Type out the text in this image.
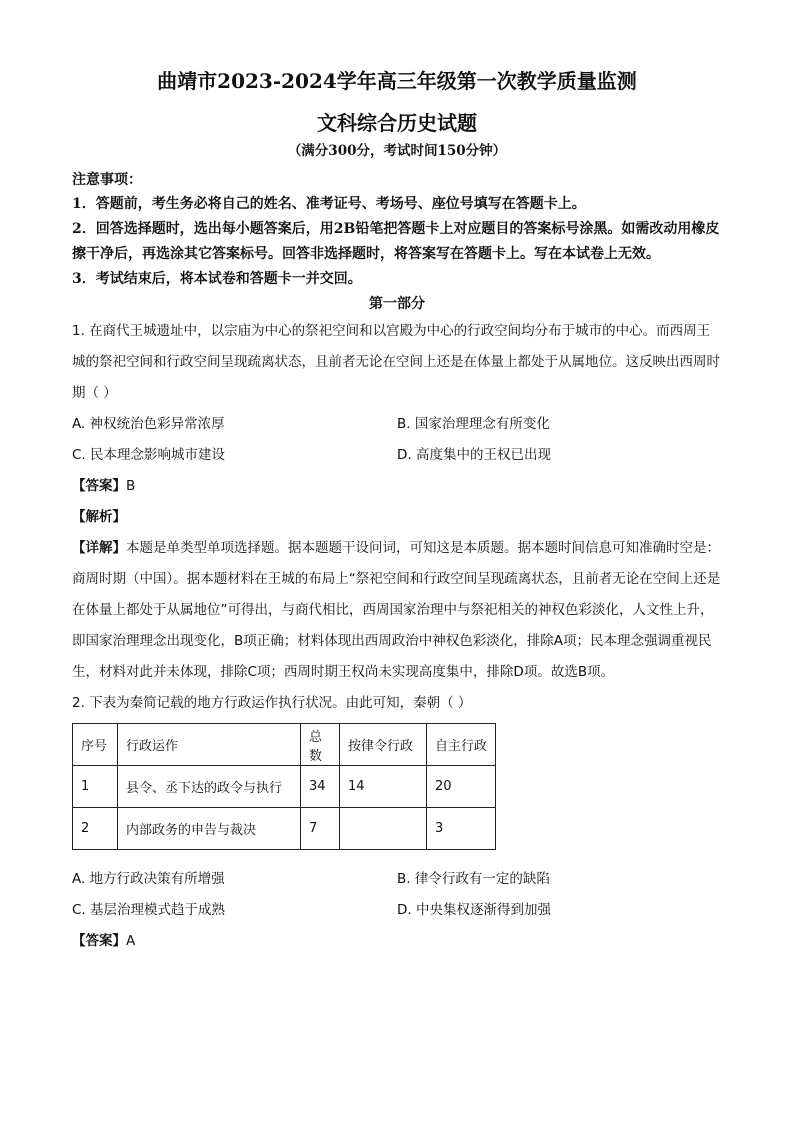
曲靖市2023-2024学年高三年级第一次教学质量监测
文科综合历史试题
（满分300分，考试时间150分钟）
注意事项：
1．答题前，考生务必将自己的姓名、准考证号、考场号、座位号填写在答题卡上。
2．回答选择题时，选出每小题答案后，用2B铅笔把答题卡上对应题目的答案标号涂黑。如需改动用橡皮擦干净后，再选涂其它答案标号。回答非选择题时，将答案写在答题卡上。写在本试卷上无效。
3．考试结束后，将本试卷和答题卡一并交回。
第一部分
1. 在商代王城遗址中，以宗庙为中心的祭祀空间和以宫殿为中心的行政空间均分布于城市的中心。而西周王城的祭祀空间和行政空间呈现疏离状态，且前者无论在空间上还是在体量上都处于从属地位。这反映出西周时期（ ）
A. 神权统治色彩异常浓厚	B. 国家治理理念有所变化
C. 民本理念影响城市建设	D. 高度集中的王权已出现
【答案】B
【解析】
【详解】本题是单类型单项选择题。据本题题干设问词，可知这是本质题。据本题时间信息可知准确时空是：商周时期（中国）。据本题材料在王城的布局上“祭祀空间和行政空间呈现疏离状态，且前者无论在空间上还是在体量上都处于从属地位”可得出，与商代相比，西周国家治理中与祭祀相关的神权色彩淡化，人文性上升，即国家治理理念出现变化，B项正确；材料体现出西周政治中神权色彩淡化，排除A项；民本理念强调重视民生，材料对此并未体现，排除C项；西周时期王权尚未实现高度集中，排除D项。故选B项。
2. 下表为秦简记载的地方行政运作执行状况。由此可知，秦朝（ ）
序号	行政运作	总数	按律令行政	自主行政
1	县令、丞下达的政令与执行	34	14	20
2	内部政务的申告与裁决	7		3
A. 地方行政决策有所增强	B. 律令行政有一定的缺陷
C. 基层治理模式趋于成熟	D. 中央集权逐渐得到加强
【答案】A
